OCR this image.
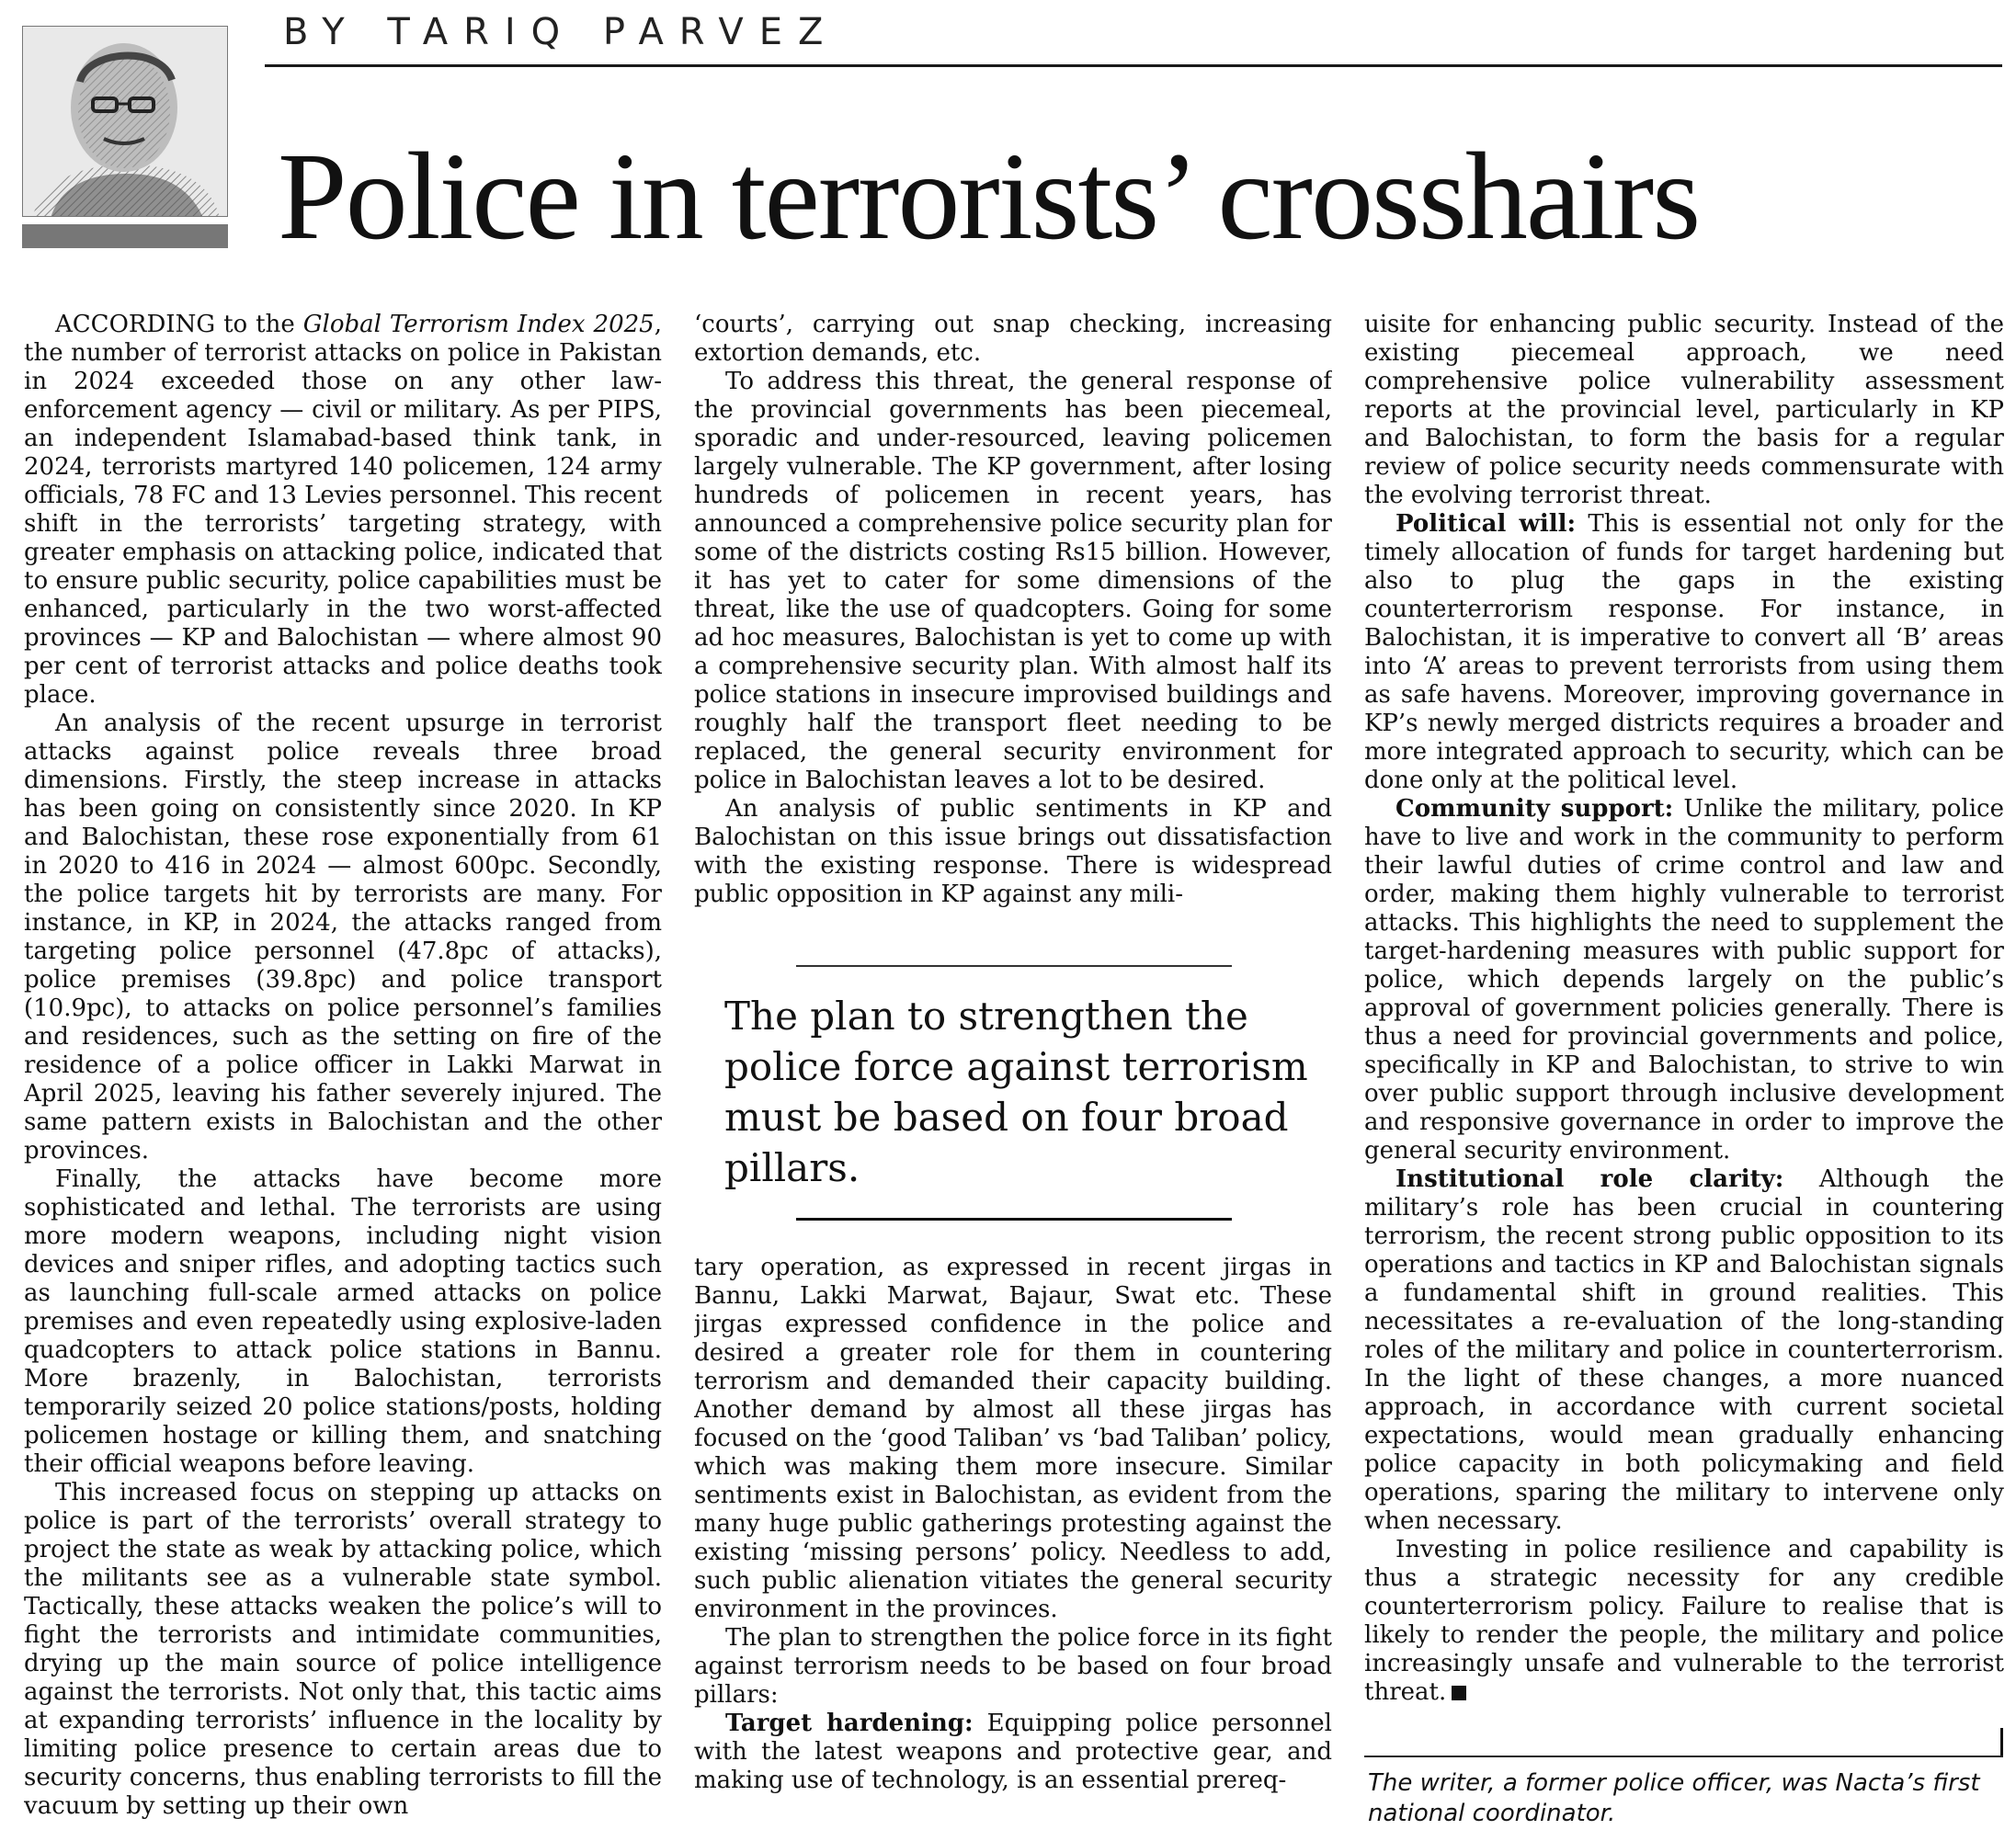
BY TARIQ PARVEZ
Police in terrorists’ crosshairs

ACCORDING to the Global Terrorism Index 2025, the number of terrorist attacks on police in Pakistan in 2024 exceeded those on any other law-enforcement agency — civil or military. As per PIPS, an independent Islamabad-based think tank, in 2024, terrorists martyred 140 policemen, 124 army officials, 78 FC and 13 Levies personnel. This recent shift in the terrorists’ targeting strategy, with greater emphasis on attacking police, indicated that to ensure public security, police capabilities must be enhanced, particularly in the two worst-affected provinces — KP and Balochistan — where almost 90 per cent of terrorist attacks and police deaths took place.

An analysis of the recent upsurge in terrorist attacks against police reveals three broad dimensions. Firstly, the steep increase in attacks has been going on consistently since 2020. In KP and Balochistan, these rose exponentially from 61 in 2020 to 416 in 2024 — almost 600pc. Secondly, the police targets hit by terrorists are many. For instance, in KP, in 2024, the attacks ranged from targeting police personnel (47.8pc of attacks), police premises (39.8pc) and police transport (10.9pc), to attacks on police personnel’s families and residences, such as the setting on fire of the residence of a police officer in Lakki Marwat in April 2025, leaving his father severely injured. The same pattern exists in Balochistan and the other provinces.

Finally, the attacks have become more sophisticated and lethal. The terrorists are using more modern weapons, including night vision devices and sniper rifles, and adopting tactics such as launching full-scale armed attacks on police premises and even repeatedly using explosive-laden quadcopters to attack police stations in Bannu. More brazenly, in Balochistan, terrorists temporarily seized 20 police stations/posts, holding policemen hostage or killing them, and snatching their official weapons before leaving.

This increased focus on stepping up attacks on police is part of the terrorists’ overall strategy to project the state as weak by attacking police, which the militants see as a vulnerable state symbol. Tactically, these attacks weaken the police’s will to fight the terrorists and intimidate communities, drying up the main source of police intelligence against the terrorists. Not only that, this tactic aims at expanding terrorists’ influence in the locality by limiting police presence to certain areas due to security concerns, thus enabling terrorists to fill the vacuum by setting up their own

‘courts’, carrying out snap checking, increasing extortion demands, etc.

To address this threat, the general response of the provincial governments has been piecemeal, sporadic and under-resourced, leaving policemen largely vulnerable. The KP government, after losing hundreds of policemen in recent years, has announced a comprehensive police security plan for some of the districts costing Rs15 billion. However, it has yet to cater for some dimensions of the threat, like the use of quadcopters. Going for some ad hoc measures, Balochistan is yet to come up with a comprehensive security plan. With almost half its police stations in insecure improvised buildings and roughly half the transport fleet needing to be replaced, the general security environment for police in Balochistan leaves a lot to be desired.

An analysis of public sentiments in KP and Balochistan on this issue brings out dissatisfaction with the existing response. There is widespread public opposition in KP against any mili-

The plan to strengthen the police force against terrorism must be based on four broad pillars.

tary operation, as expressed in recent jirgas in Bannu, Lakki Marwat, Bajaur, Swat etc. These jirgas expressed confidence in the police and desired a greater role for them in countering terrorism and demanded their capacity building. Another demand by almost all these jirgas has focused on the ‘good Taliban’ vs ‘bad Taliban’ policy, which was making them more insecure. Similar sentiments exist in Balochistan, as evident from the many huge public gatherings protesting against the existing ‘missing persons’ policy. Needless to add, such public alienation vitiates the general security environment in the provinces.

The plan to strengthen the police force in its fight against terrorism needs to be based on four broad pillars:

Target hardening: Equipping police personnel with the latest weapons and protective gear, and making use of technology, is an essential prereq-

uisite for enhancing public security. Instead of the existing piecemeal approach, we need comprehensive police vulnerability assessment reports at the provincial level, particularly in KP and Balochistan, to form the basis for a regular review of police security needs commensurate with the evolving terrorist threat.

Political will: This is essential not only for the timely allocation of funds for target hardening but also to plug the gaps in the existing counterterrorism response. For instance, in Balochistan, it is imperative to convert all ‘B’ areas into ‘A’ areas to prevent terrorists from using them as safe havens. Moreover, improving governance in KP’s newly merged districts requires a broader and more integrated approach to security, which can be done only at the political level.

Community support: Unlike the military, police have to live and work in the community to perform their lawful duties of crime control and law and order, making them highly vulnerable to terrorist attacks. This highlights the need to supplement the target-hardening measures with public support for police, which depends largely on the public’s approval of government policies generally. There is thus a need for provincial governments and police, specifically in KP and Balochistan, to strive to win over public support through inclusive development and responsive governance in order to improve the general security environment.

Institutional role clarity: Although the military’s role has been crucial in countering terrorism, the recent strong public opposition to its operations and tactics in KP and Balochistan signals a fundamental shift in ground realities. This necessitates a re-evaluation of the long-standing roles of the military and police in counterterrorism. In the light of these changes, a more nuanced approach, in accordance with current societal expectations, would mean gradually enhancing police capacity in both policymaking and field operations, sparing the military to intervene only when necessary.

Investing in police resilience and capability is thus a strategic necessity for any credible counterterrorism policy. Failure to realise that is likely to render the people, the military and police increasingly unsafe and vulnerable to the terrorist threat.

The writer, a former police officer, was Nacta’s first national coordinator.
